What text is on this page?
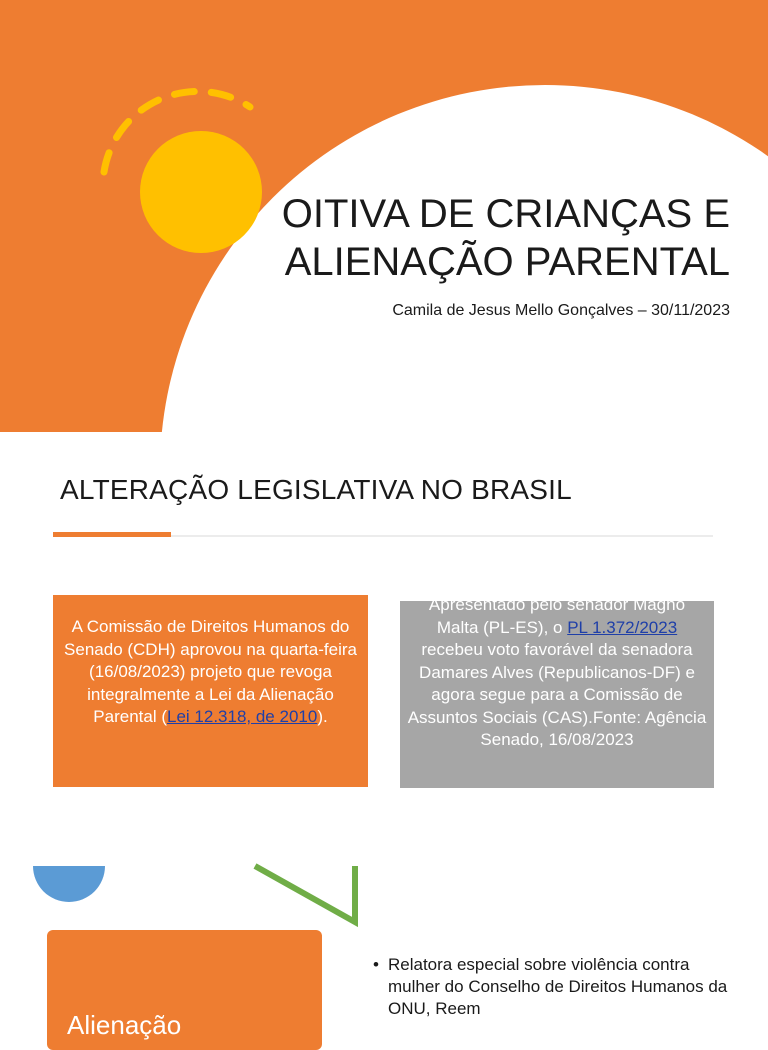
OITIVA DE CRIANÇAS E
ALIENAÇÃO PARENTAL
Camila de Jesus Mello Gonçalves – 30/11/2023
ALTERAÇÃO LEGISLATIVA NO BRASIL
A Comissão de Direitos Humanos do Senado (CDH) aprovou na quarta-feira (16/08/2023) projeto que revoga integralmente a Lei da Alienação Parental (Lei 12.318, de 2010).
Apresentado pelo senador Magno Malta (PL-ES), o PL 1.372/2023 recebeu voto favorável da senadora Damares Alves (Republicanos-DF) e agora segue para a Comissão de Assuntos Sociais (CAS).Fonte: Agência Senado, 16/08/2023
Alienação
• Relatora especial sobre violência contra mulher do Conselho de Direitos Humanos da ONU, Reem
